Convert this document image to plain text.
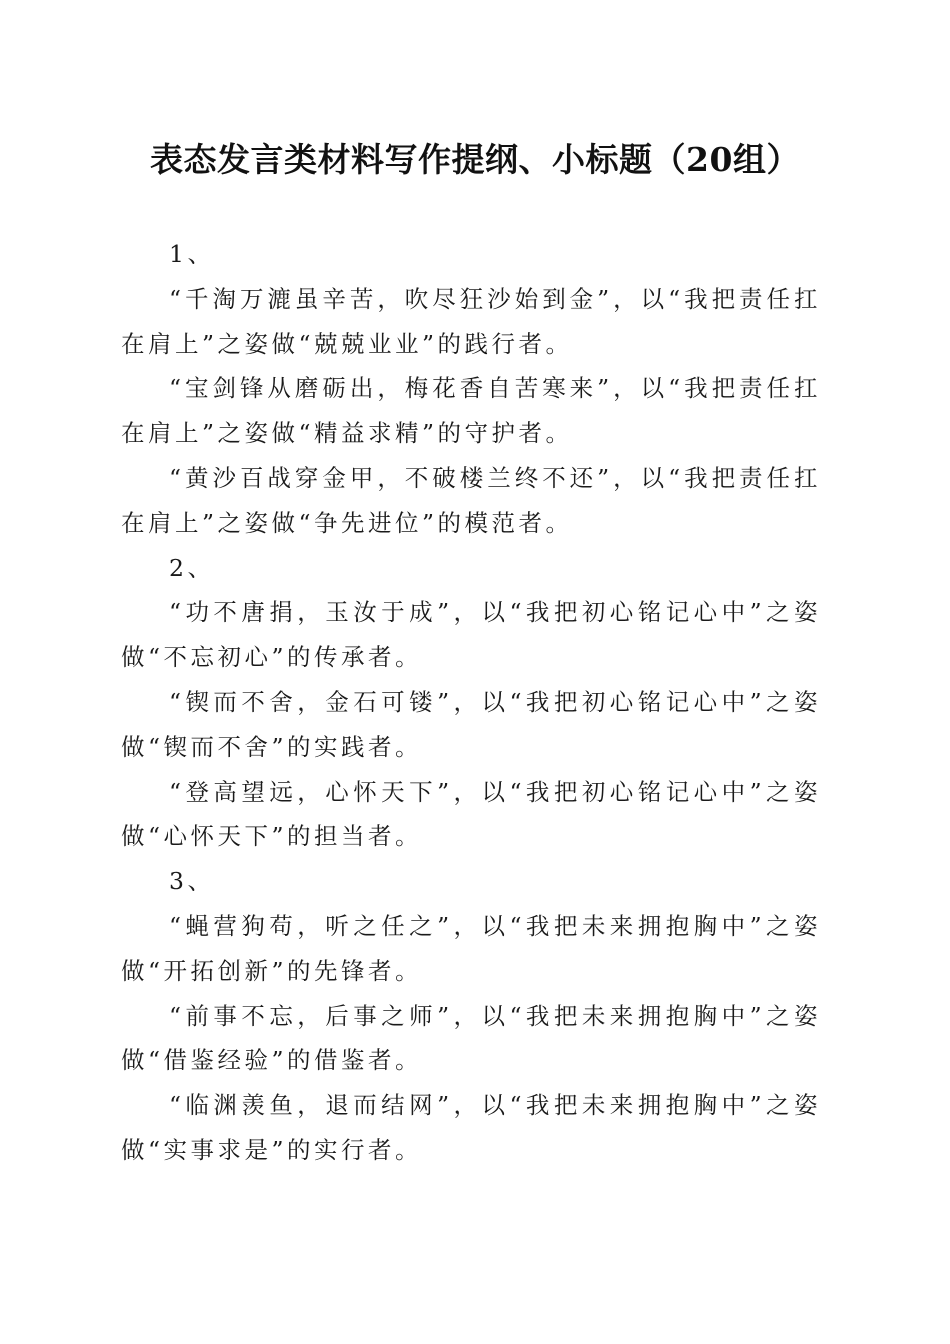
表态发言类材料写作提纲、小标题（20组）

1、

“千淘万漉虽辛苦，吹尽狂沙始到金”，以“我把责任扛在肩上”之姿做“兢兢业业”的践行者。

“宝剑锋从磨砺出，梅花香自苦寒来”，以“我把责任扛在肩上”之姿做“精益求精”的守护者。

“黄沙百战穿金甲，不破楼兰终不还”，以“我把责任扛在肩上”之姿做“争先进位”的模范者。

2、

“功不唐捐，玉汝于成”，以“我把初心铭记心中”之姿做“不忘初心”的传承者。

“锲而不舍，金石可镂”，以“我把初心铭记心中”之姿做“锲而不舍”的实践者。

“登高望远，心怀天下”，以“我把初心铭记心中”之姿做“心怀天下”的担当者。

3、

“蝇营狗苟，听之任之”，以“我把未来拥抱胸中”之姿做“开拓创新”的先锋者。

“前事不忘，后事之师”，以“我把未来拥抱胸中”之姿做“借鉴经验”的借鉴者。

“临渊羡鱼，退而结网”，以“我把未来拥抱胸中”之姿做“实事求是”的实行者。
